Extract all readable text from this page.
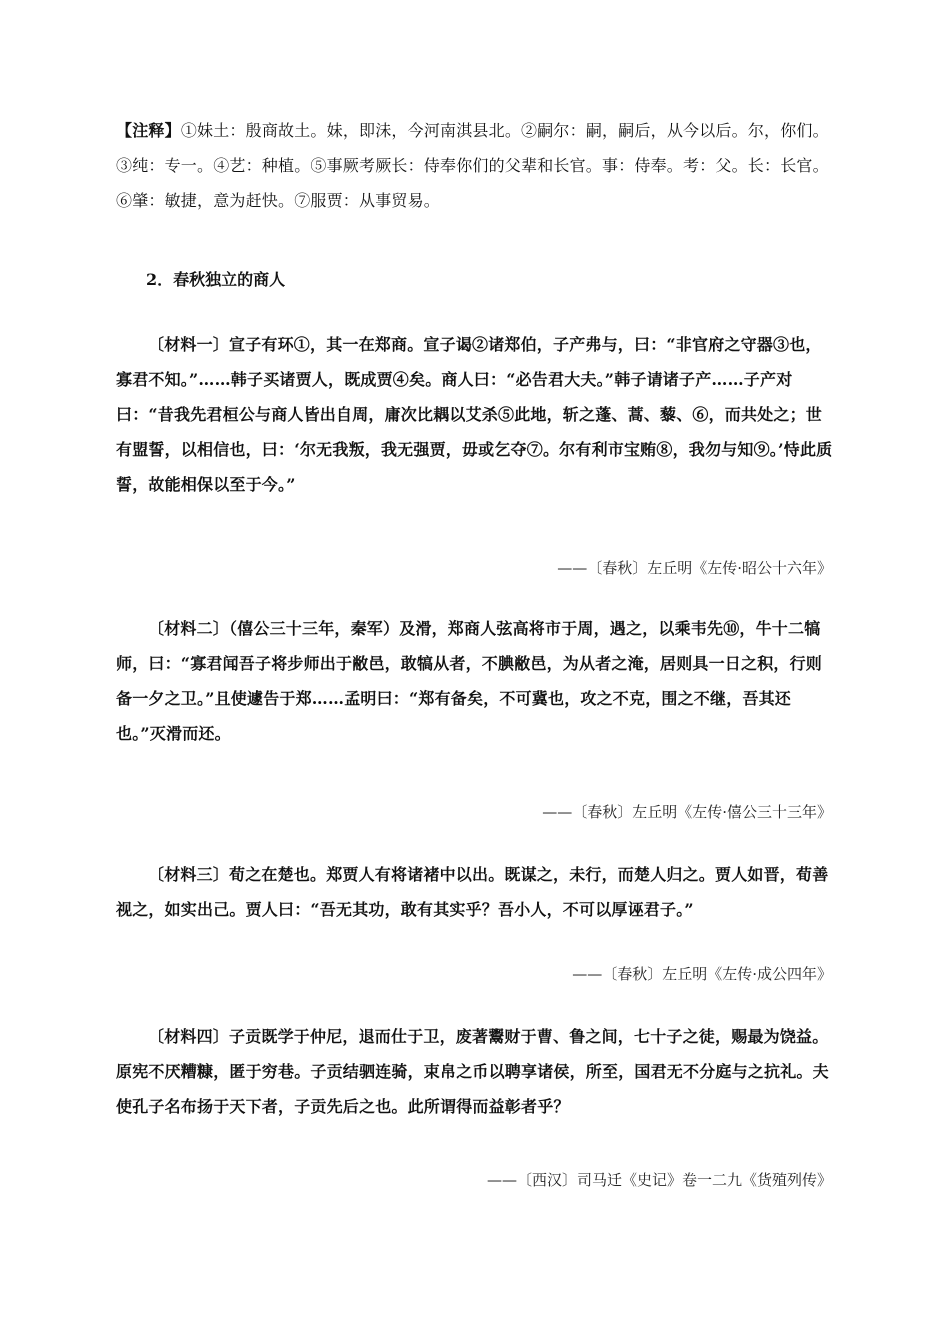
【注释】①妹土：殷商故土。妹，即沬，今河南淇县北。②嗣尔：嗣，嗣后，从今以后。尔，你们。③纯：专一。④艺：种植。⑤事厥考厥长：侍奉你们的父辈和长官。事：侍奉。考：父。长：长官。⑥肇：敏捷，意为赶快。⑦服贾：从事贸易。
2．春秋独立的商人
〔材料一〕宣子有环①，其一在郑商。宣子谒②诸郑伯，子产弗与，曰：“非官府之守器③也，寡君不知。”……韩子买诸贾人，既成贾④矣。商人曰：“必告君大夫。”韩子请诸子产……子产对曰：“昔我先君桓公与商人皆出自周，庸次比耦以艾杀⑤此地，斩之蓬、蒿、藜、⑥，而共处之；世有盟誓，以相信也，曰：‘尔无我叛，我无强贾，毋或乞夺⑦。尔有利市宝贿⑧，我勿与知⑨。’恃此质誓，故能相保以至于今。”
——〔春秋〕左丘明《左传·昭公十六年》
〔材料二〕（僖公三十三年，秦军）及滑，郑商人弦高将市于周，遇之，以乘韦先⑩，牛十二犒师，曰：“寡君闻吾子将步师出于敝邑，敢犒从者，不腆敝邑，为从者之淹，居则具一日之积，行则备一夕之卫。”且使遽告于郑……孟明曰：“郑有备矣，不可冀也，攻之不克，围之不继，吾其还也。”灭滑而还。
——〔春秋〕左丘明《左传·僖公三十三年》
〔材料三〕荀之在楚也。郑贾人有将诸褚中以出。既谋之，未行，而楚人归之。贾人如晋，荀善视之，如实出己。贾人曰：“吾无其功，敢有其实乎？吾小人，不可以厚诬君子。”
——〔春秋〕左丘明《左传·成公四年》
〔材料四〕子贡既学于仲尼，退而仕于卫，废著鬻财于曹、鲁之间，七十子之徒，赐最为饶益。原宪不厌糟糠，匿于穷巷。子贡结驷连骑，束帛之币以聘享诸侯，所至，国君无不分庭与之抗礼。夫使孔子名布扬于天下者，子贡先后之也。此所谓得而益彰者乎？
——〔西汉〕司马迁《史记》卷一二九《货殖列传》
